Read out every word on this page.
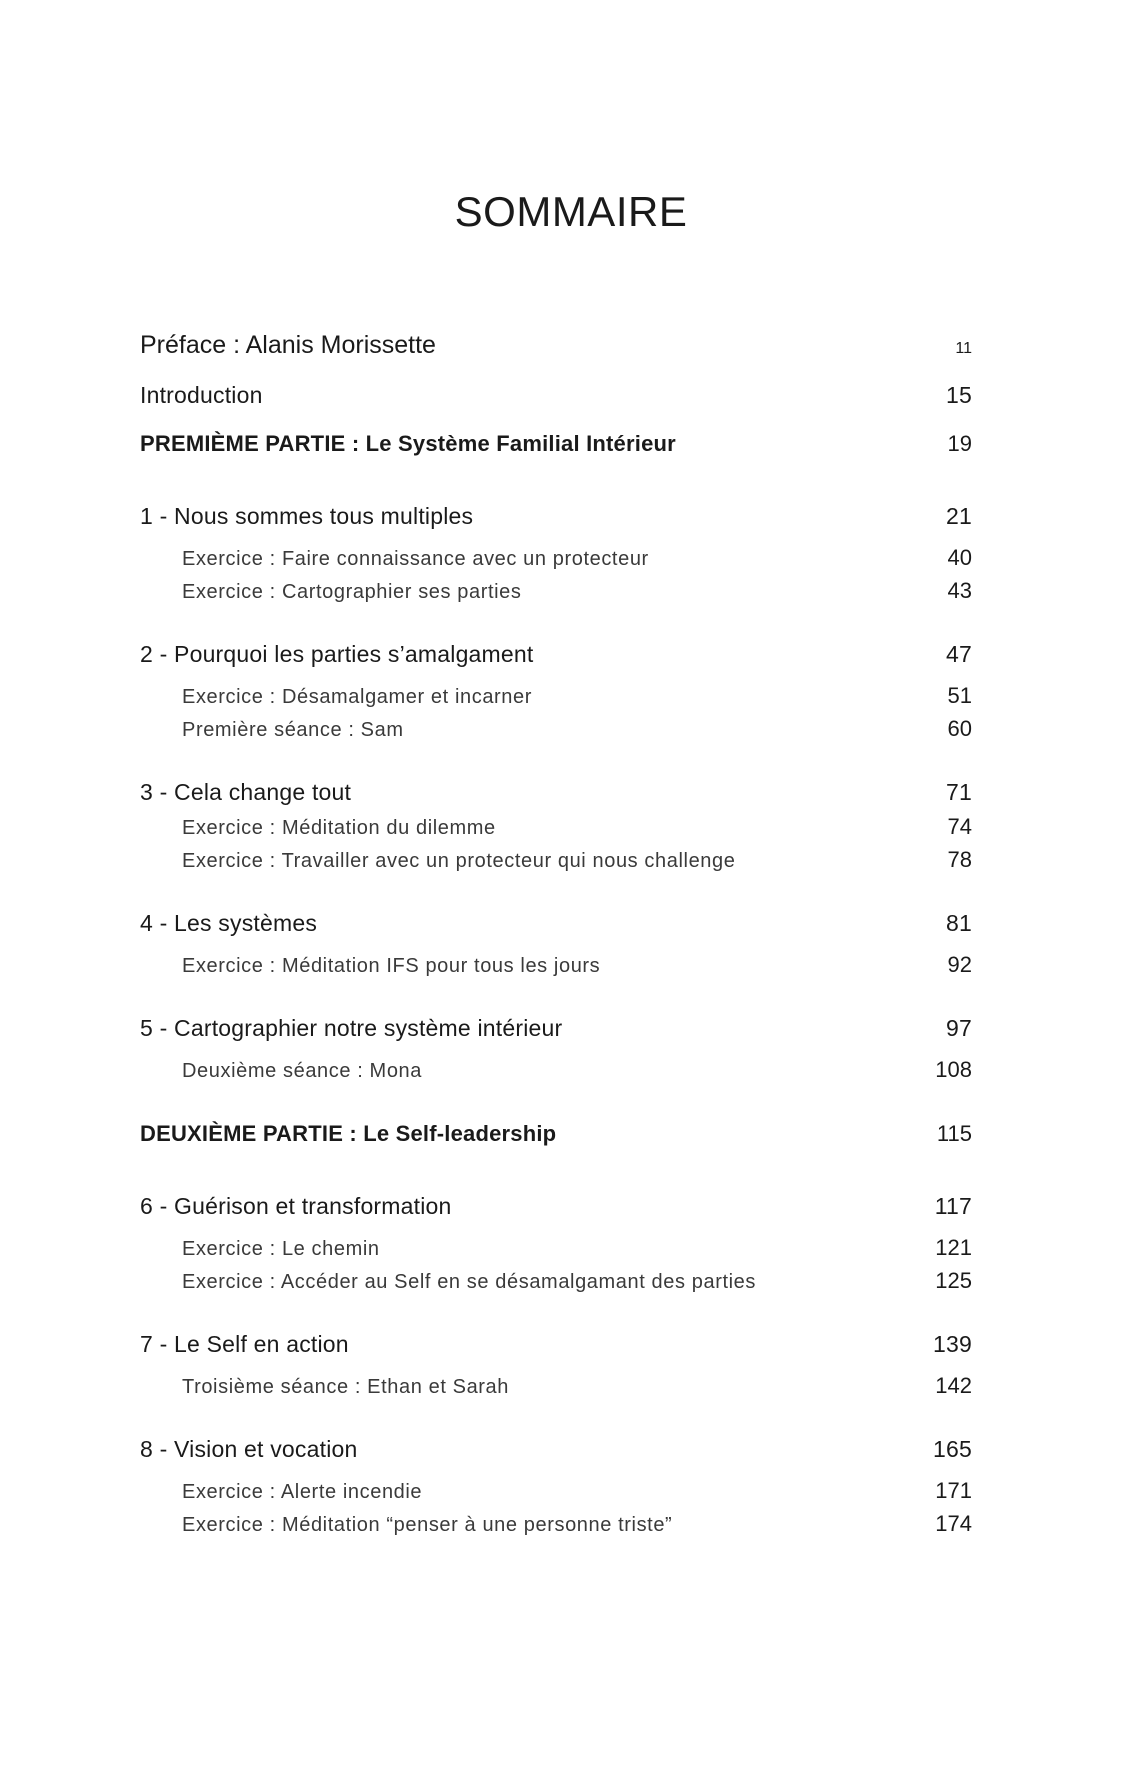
SOMMAIRE
Préface : Alanis Morissette	11
Introduction	15
PREMIÈME PARTIE : Le Système Familial Intérieur	19
1 - Nous sommes tous multiples	21
Exercice : Faire connaissance avec un protecteur	40
Exercice : Cartographier ses parties	43
2 - Pourquoi les parties s’amalgament	47
Exercice : Désamalgamer et incarner	51
Première séance : Sam	60
3 - Cela change tout	71
Exercice : Méditation du dilemme	74
Exercice : Travailler avec un protecteur qui nous challenge	78
4 - Les systèmes	81
Exercice : Méditation IFS pour tous les jours	92
5 - Cartographier notre système intérieur	97
Deuxième séance : Mona	108
DEUXIÈME PARTIE : Le Self-leadership	115
6 - Guérison et transformation	117
Exercice : Le chemin	121
Exercice : Accéder au Self en se désamalgamant des parties	125
7 - Le Self en action	139
Troisième séance : Ethan et Sarah	142
8 - Vision et vocation	165
Exercice : Alerte incendie	171
Exercice : Méditation “penser à une personne triste”	174
